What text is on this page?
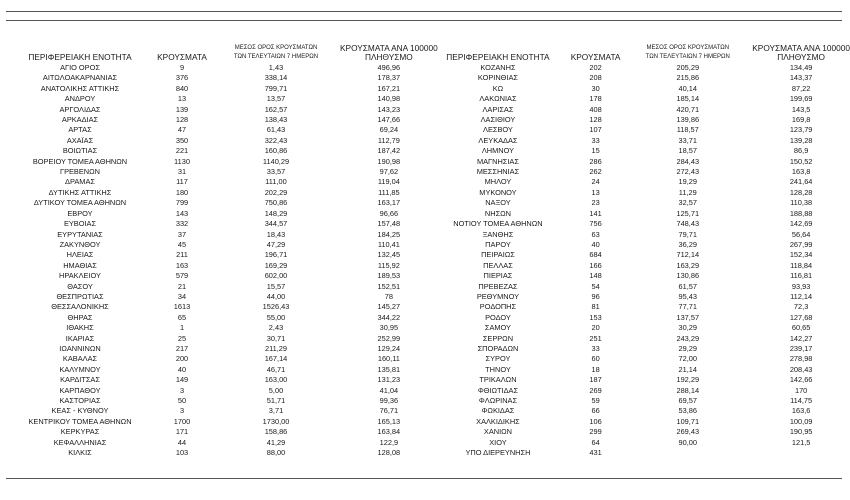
ΠΕΡΙΦΕΡΕΙΑΚΗ ΕΝΟΤΗΤΑ	ΚΡΟΥΣΜΑΤΑ	ΜΕΣΟΣ ΟΡΟΣ ΚΡΟΥΣΜΑΤΩΝ
ΤΩΝ ΤΕΛΕΥΤΑΙΩΝ 7 ΗΜΕΡΩΝ	ΚΡΟΥΣΜΑΤΑ ΑΝΑ 100000
ΠΛΗΘΥΣΜΟ
ΑΓΙΟ ΟΡΟΣ	9	1,43	496,96
ΑΙΤΩΛΟΑΚΑΡΝΑΝΙΑΣ	376	338,14	178,37
ΑΝΑΤΟΛΙΚΗΣ ΑΤΤΙΚΗΣ	840	799,71	167,21
ΑΝΔΡΟΥ	13	13,57	140,98
ΑΡΓΟΛΙΔΑΣ	139	162,57	143,23
ΑΡΚΑΔΙΑΣ	128	138,43	147,66
ΑΡΤΑΣ	47	61,43	69,24
ΑΧΑΪΑΣ	350	322,43	112,79
ΒΟΙΩΤΙΑΣ	221	160,86	187,42
ΒΟΡΕΙΟΥ ΤΟΜΕΑ ΑΘΗΝΩΝ	1130	1140,29	190,98
ΓΡΕΒΕΝΩΝ	31	33,57	97,62
ΔΡΑΜΑΣ	117	111,00	119,04
ΔΥΤΙΚΗΣ ΑΤΤΙΚΗΣ	180	202,29	111,85
ΔΥΤΙΚΟΥ ΤΟΜΕΑ ΑΘΗΝΩΝ	799	750,86	163,17
ΕΒΡΟΥ	143	148,29	96,66
ΕΥΒΟΙΑΣ	332	344,57	157,48
ΕΥΡΥΤΑΝΙΑΣ	37	18,43	184,25
ΖΑΚΥΝΘΟΥ	45	47,29	110,41
ΗΛΕΙΑΣ	211	196,71	132,45
ΗΜΑΘΙΑΣ	163	169,29	115,92
ΗΡΑΚΛΕΙΟΥ	579	602,00	189,53
ΘΑΣΟΥ	21	15,57	152,51
ΘΕΣΠΡΩΤΙΑΣ	34	44,00	78
ΘΕΣΣΑΛΟΝΙΚΗΣ	1613	1526,43	145,27
ΘΗΡΑΣ	65	55,00	344,22
ΙΘΑΚΗΣ	1	2,43	30,95
ΙΚΑΡΙΑΣ	25	30,71	252,99
ΙΩΑΝΝΙΝΩΝ	217	211,29	129,24
ΚΑΒΑΛΑΣ	200	167,14	160,11
ΚΑΛΥΜΝΟΥ	40	46,71	135,81
ΚΑΡΔΙΤΣΑΣ	149	163,00	131,23
ΚΑΡΠΑΘΟΥ	3	5,00	41,04
ΚΑΣΤΟΡΙΑΣ	50	51,71	99,36
ΚΕΑΣ - ΚΥΘΝΟΥ	3	3,71	76,71
ΚΕΝΤΡΙΚΟΥ ΤΟΜΕΑ ΑΘΗΝΩΝ	1700	1730,00	165,13
ΚΕΡΚΥΡΑΣ	171	158,86	163,84
ΚΕΦΑΛΛΗΝΙΑΣ	44	41,29	122,9
ΚΙΛΚΙΣ	103	88,00	128,08
ΠΕΡΙΦΕΡΕΙΑΚΗ ΕΝΟΤΗΤΑ	ΚΡΟΥΣΜΑΤΑ	ΜΕΣΟΣ ΟΡΟΣ ΚΡΟΥΣΜΑΤΩΝ
ΤΩΝ ΤΕΛΕΥΤΑΙΩΝ 7 ΗΜΕΡΩΝ	ΚΡΟΥΣΜΑΤΑ ΑΝΑ 100000
ΠΛΗΘΥΣΜΟ
ΚΟΖΑΝΗΣ	202	205,29	134,49
ΚΟΡΙΝΘΙΑΣ	208	215,86	143,37
ΚΩ	30	40,14	87,22
ΛΑΚΩΝΙΑΣ	178	185,14	199,69
ΛΑΡΙΣΑΣ	408	420,71	143,5
ΛΑΣΙΘΙΟΥ	128	139,86	169,8
ΛΕΣΒΟΥ	107	118,57	123,79
ΛΕΥΚΑΔΑΣ	33	33,71	139,28
ΛΗΜΝΟΥ	15	18,57	86,9
ΜΑΓΝΗΣΙΑΣ	286	284,43	150,52
ΜΕΣΣΗΝΙΑΣ	262	272,43	163,8
ΜΗΛΟΥ	24	19,29	241,64
ΜΥΚΟΝΟΥ	13	11,29	128,28
ΝΑΞΟΥ	23	32,57	110,38
ΝΗΣΩΝ	141	125,71	188,88
ΝΟΤΙΟΥ ΤΟΜΕΑ ΑΘΗΝΩΝ	756	748,43	142,69
ΞΑΝΘΗΣ	63	79,71	56,64
ΠΑΡΟΥ	40	36,29	267,99
ΠΕΙΡΑΙΩΣ	684	712,14	152,34
ΠΕΛΛΑΣ	166	163,29	118,84
ΠΙΕΡΙΑΣ	148	130,86	116,81
ΠΡΕΒΕΖΑΣ	54	61,57	93,93
ΡΕΘΥΜΝΟΥ	96	95,43	112,14
ΡΟΔΟΠΗΣ	81	77,71	72,3
ΡΟΔΟΥ	153	137,57	127,68
ΣΑΜΟΥ	20	30,29	60,65
ΣΕΡΡΩΝ	251	243,29	142,27
ΣΠΟΡΑΔΩΝ	33	29,29	239,17
ΣΥΡΟΥ	60	72,00	278,98
ΤΗΝΟΥ	18	21,14	208,43
ΤΡΙΚΑΛΩΝ	187	192,29	142,66
ΦΘΙΩΤΙΔΑΣ	269	288,14	170
ΦΛΩΡΙΝΑΣ	59	69,57	114,75
ΦΩΚΙΔΑΣ	66	53,86	163,6
ΧΑΛΚΙΔΙΚΗΣ	106	109,71	100,09
ΧΑΝΙΩΝ	299	269,43	190,95
ΧΙΟΥ	64	90,00	121,5
ΥΠΟ ΔΙΕΡΕΥΝΗΣΗ	431		
